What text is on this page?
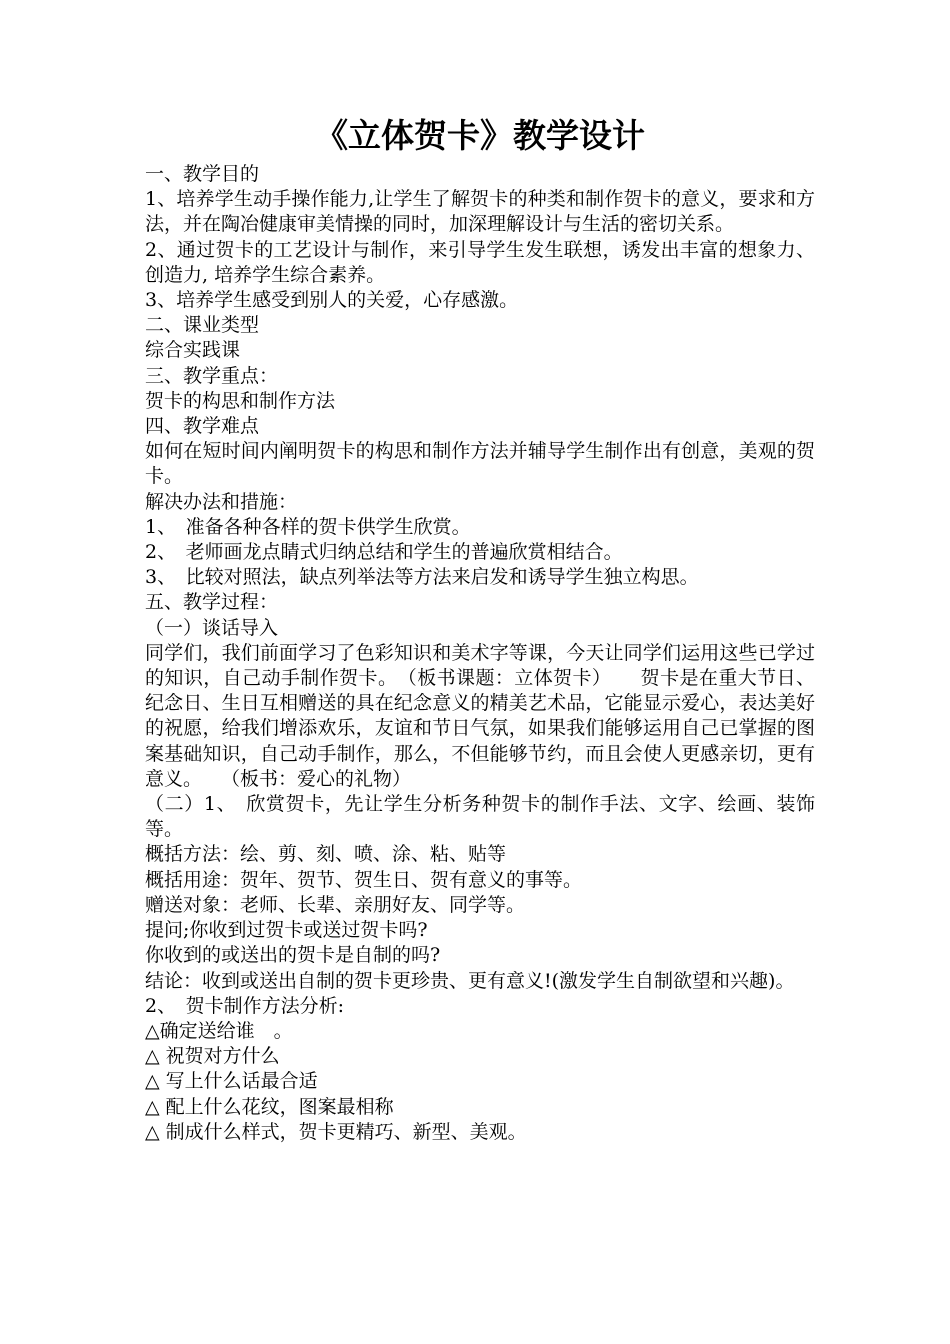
《立体贺卡》教学设计

一、教学目的

1、培养学生动手操作能力,让学生了解贺卡的种类和制作贺卡的意义，要求和方法，并在陶冶健康审美情操的同时，加深理解设计与生活的密切关系。

2、通过贺卡的工艺设计与制作，来引导学生发生联想，诱发出丰富的想象力、创造力, 培养学生综合素养。

3、培养学生感受到别人的关爱，心存感激。

二、课业类型

综合实践课

三、教学重点：

贺卡的构思和制作方法

四、教学难点

如何在短时间内阐明贺卡的构思和制作方法并辅导学生制作出有创意，美观的贺卡。

解决办法和措施：

1、　准备各种各样的贺卡供学生欣赏。

2、　老师画龙点睛式归纳总结和学生的普遍欣赏相结合。

3、　比较对照法，缺点列举法等方法来启发和诱导学生独立构思。

五、教学过程：

（一）谈话导入

同学们，我们前面学习了色彩知识和美术字等课，今天让同学们运用这些已学过的知识，自己动手制作贺卡。　（板书课题：立体贺卡）　　贺卡是在重大节日、纪念日、生日互相赠送的具在纪念意义的精美艺术品，它能显示爱心，表达美好的祝愿，给我们增添欢乐，友谊和节日气氛，如果我们能够运用自己已掌握的图案基础知识，自己动手制作，那么，不但能够节约，而且会使人更感亲切，更有意义。　　（板书：爱心的礼物）

（二）1、　欣赏贺卡，先让学生分析务种贺卡的制作手法、文字、绘画、装饰等。

概括方法：绘、剪、刻、喷、涂、粘、贴等

概括用途：贺年、贺节、贺生日、贺有意义的事等。

赠送对象：老师、长辈、亲朋好友、同学等。

提问;你收到过贺卡或送过贺卡吗?

你收到的或送出的贺卡是自制的吗?

结论：收到或送出自制的贺卡更珍贵、更有意义!(激发学生自制欲望和兴趣)。

2、　贺卡制作方法分析:

△确定送给谁　。

△ 祝贺对方什么

△ 写上什么话最合适

△ 配上什么花纹，图案最相称

△ 制成什么样式，贺卡更精巧、新型、美观。
